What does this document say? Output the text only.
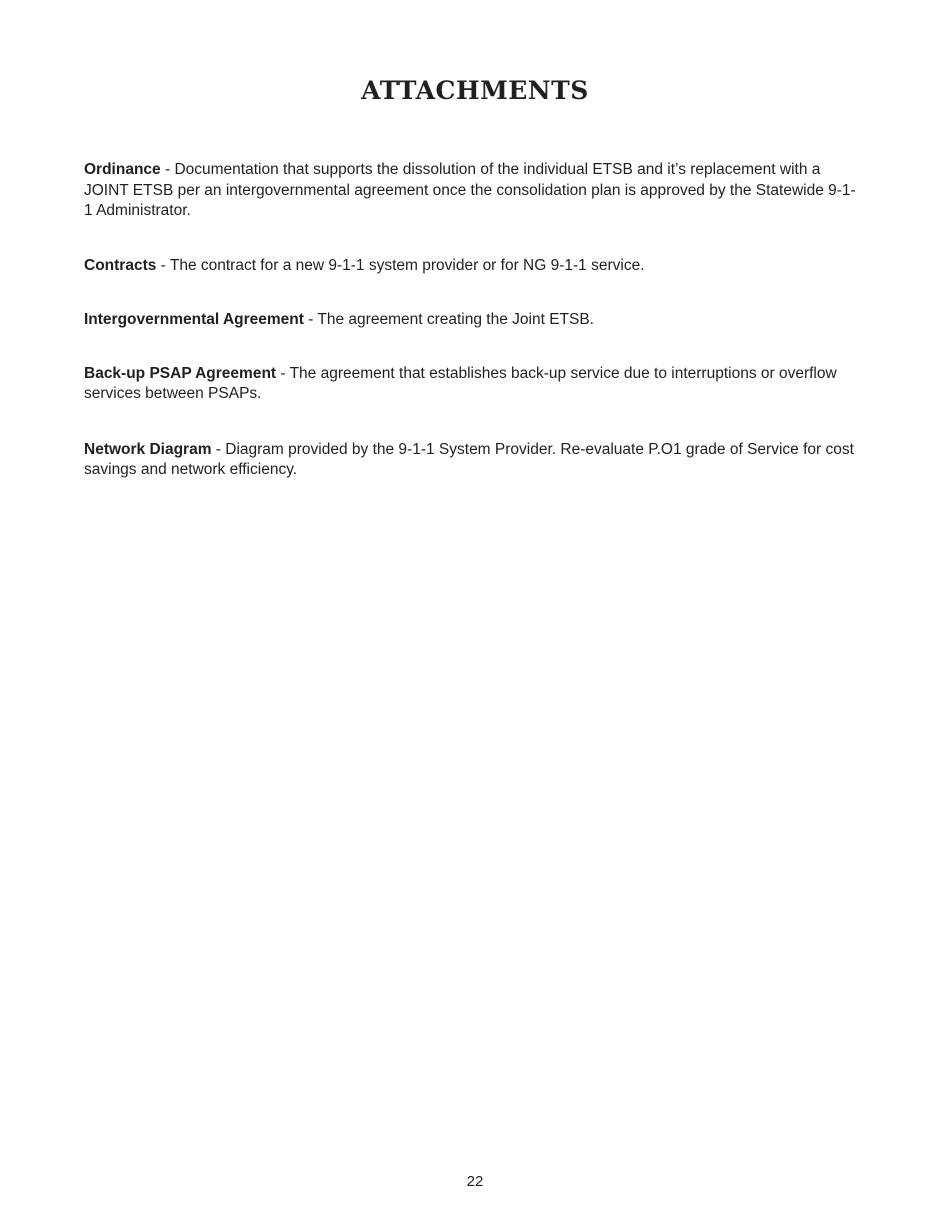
ATTACHMENTS

Ordinance - Documentation that supports the dissolution of the individual ETSB and it’s replacement with a JOINT ETSB per an intergovernmental agreement once the consolidation plan is approved by the Statewide 9-1-1 Administrator.

Contracts - The contract for a new 9-1-1 system provider or for NG 9-1-1 service.

Intergovernmental Agreement - The agreement creating the Joint ETSB.

Back-up PSAP Agreement - The agreement that establishes back-up service due to interruptions or overflow services between PSAPs.

Network Diagram - Diagram provided by the 9-1-1 System Provider. Re-evaluate P.O1 grade of Service for cost savings and network efficiency.

22
